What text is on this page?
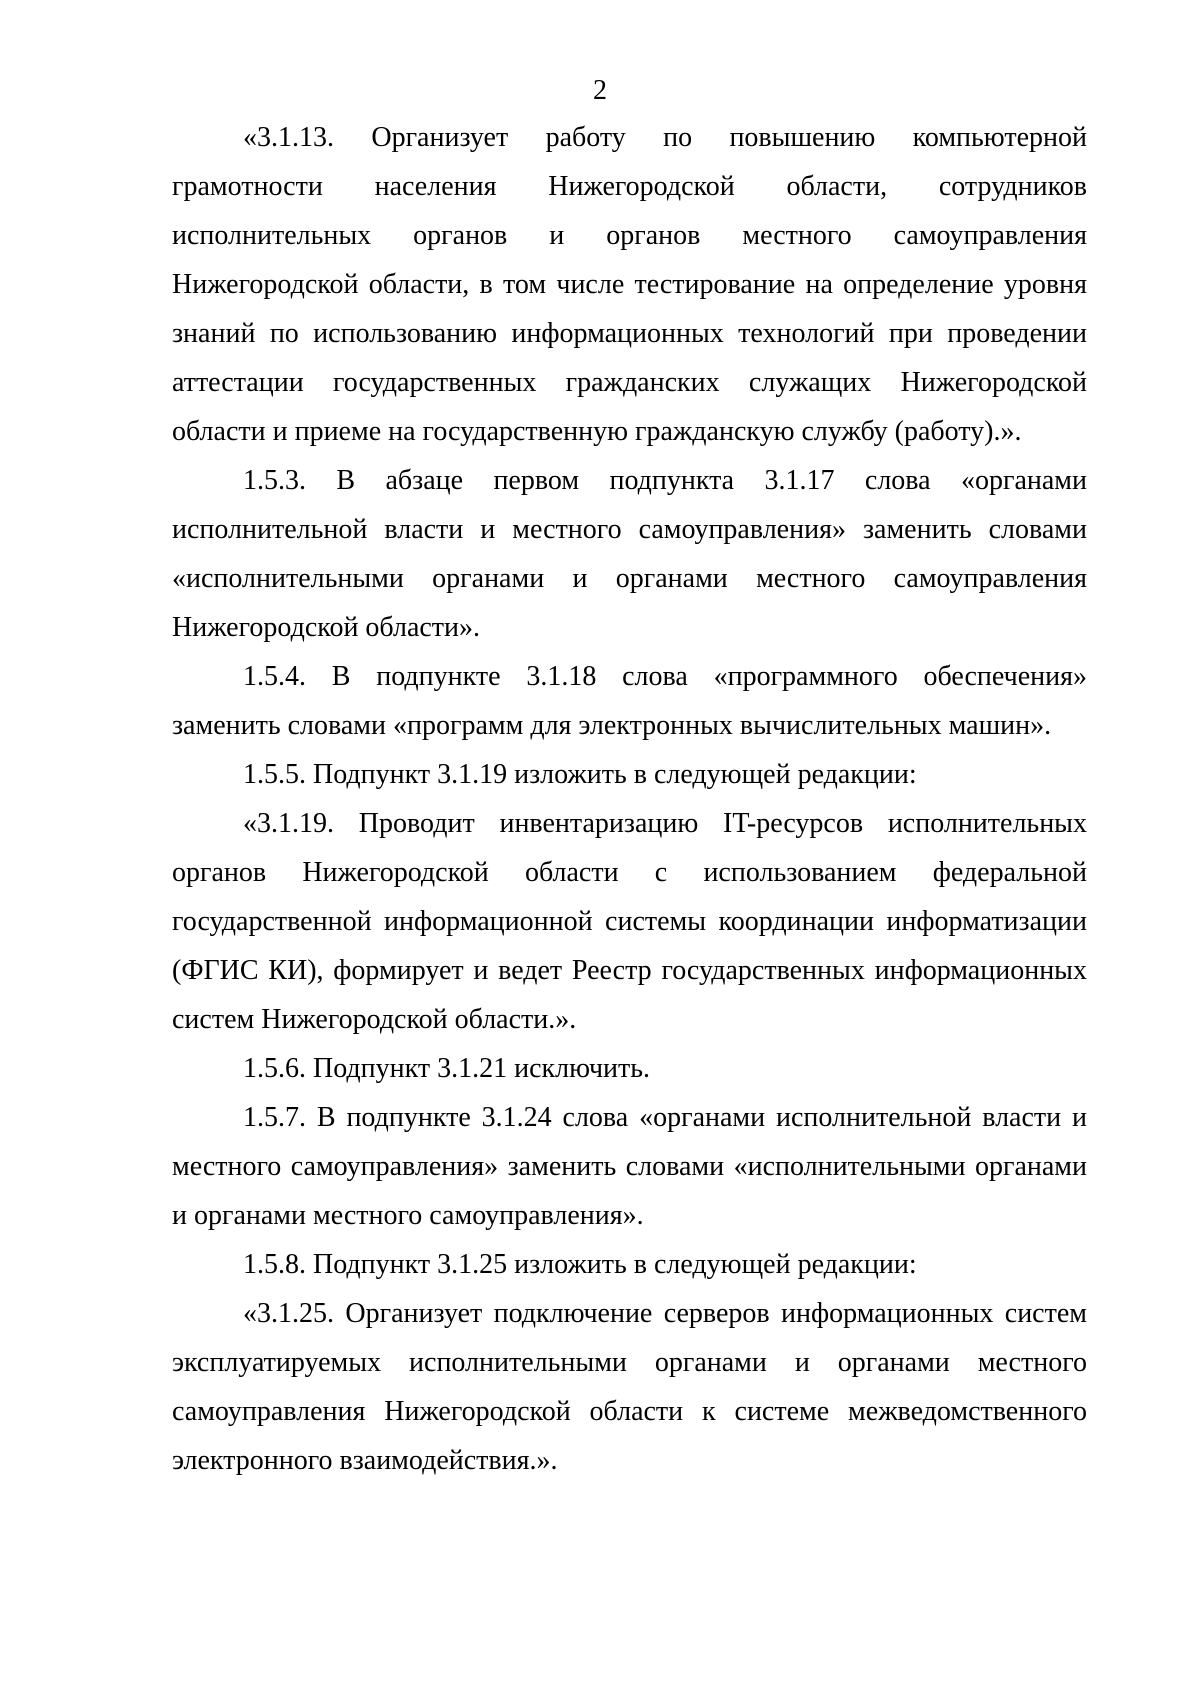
2

«3.1.13. Организует работу по повышению компьютерной грамотности населения Нижегородской области, сотрудников исполнительных органов и органов местного самоуправления Нижегородской области, в том числе тестирование на определение уровня знаний по использованию информационных технологий при проведении аттестации государственных гражданских служащих Нижегородской области и приеме на государственную гражданскую службу (работу).».

1.5.3. В абзаце первом подпункта 3.1.17 слова «органами исполнительной власти и местного самоуправления» заменить словами «исполнительными органами и органами местного самоуправления Нижегородской области».

1.5.4. В подпункте 3.1.18 слова «программного обеспечения» заменить словами «программ для электронных вычислительных машин».

1.5.5. Подпункт 3.1.19 изложить в следующей редакции:

«3.1.19. Проводит инвентаризацию IT-ресурсов исполнительных органов Нижегородской области с использованием федеральной государственной информационной системы координации информатизации (ФГИС КИ), формирует и ведет Реестр государственных информационных систем Нижегородской области.».

1.5.6. Подпункт 3.1.21 исключить.

1.5.7. В подпункте 3.1.24 слова «органами исполнительной власти и местного самоуправления» заменить словами «исполнительными органами и органами местного самоуправления».

1.5.8. Подпункт 3.1.25 изложить в следующей редакции:

«3.1.25. Организует подключение серверов информационных систем эксплуатируемых исполнительными органами и органами местного самоуправления Нижегородской области к системе межведомственного электронного взаимодействия.».
